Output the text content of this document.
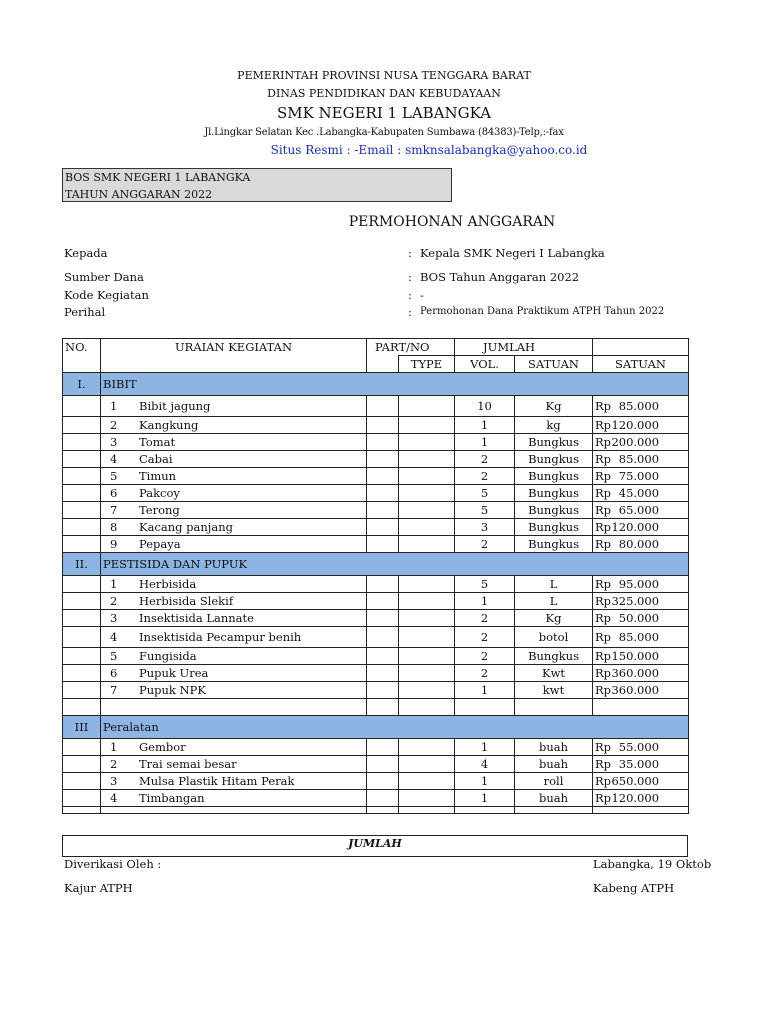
PEMERINTAH PROVINSI NUSA TENGGARA BARAT
DINAS PENDIDIKAN DAN KEBUDAYAAN
SMK NEGERI 1 LABANGKA
Jl.Lingkar Selatan Kec .Labangka-Kabupaten Sumbawa (84383)-Telp,:-fax
Situs Resmi : -Email : smknsalabangka@yahoo.co.id
BOS SMK NEGERI 1 LABANGKA
TAHUN ANGGARAN 2022
PERMOHONAN ANGGARAN
Kepada	: Kepala SMK Negeri I Labangka
Sumber Dana	: BOS Tahun Anggaran 2022
Kode Kegiatan	: -
Perihal	: Permohonan Dana Praktikum ATPH Tahun 2022
NO.	URAIAN KEGIATAN	PART/NO		JUMLAH		
			TYPE	VOL.	SATUAN	SATUAN
I.	BIBIT					
	1 Bibit jagung			10	Kg	Rp 85.000

	2 Kangkung			1	kg	Rp 120.000

	3 Tomat			1	Bungkus	Rp 200.000

	4 Cabai			2	Bungkus	Rp 85.000

	5 Timun			2	Bungkus	Rp 75.000

	6 Pakcoy			5	Bungkus	Rp 45.000

	7 Terong			5	Bungkus	Rp 65.000

	8 Kacang panjang			3	Bungkus	Rp 120.000

	9 Pepaya			2	Bungkus	Rp 80.000

II.	PESTISIDA DAN PUPUK					
	1 Herbisida			5	L	Rp 95.000

	2 Herbisida Slekif			1	L	Rp 325.000

	3 Insektisida Lannate			2	Kg	Rp 50.000

	4 Insektisida Pecampur benih			2	botol	Rp 85.000

	5 Fungisida			2	Bungkus	Rp 150.000

	6 Pupuk Urea			2	Kwt	Rp 360.000

	7 Pupuk NPK			1	kwt	Rp 360.000

III	Peralatan					
	1 Gembor			1	buah	Rp 55.000

	2 Trai semai besar			4	buah	Rp 35.000

	3 Mulsa Plastik Hitam Perak			1	roll	Rp 650.000

	4 Timbangan			1	buah	Rp 120.000

JUMLAH
Diverikasi Oleh :	Labangka, 19 Oktob
Kajur ATPH	Kabeng ATPH
